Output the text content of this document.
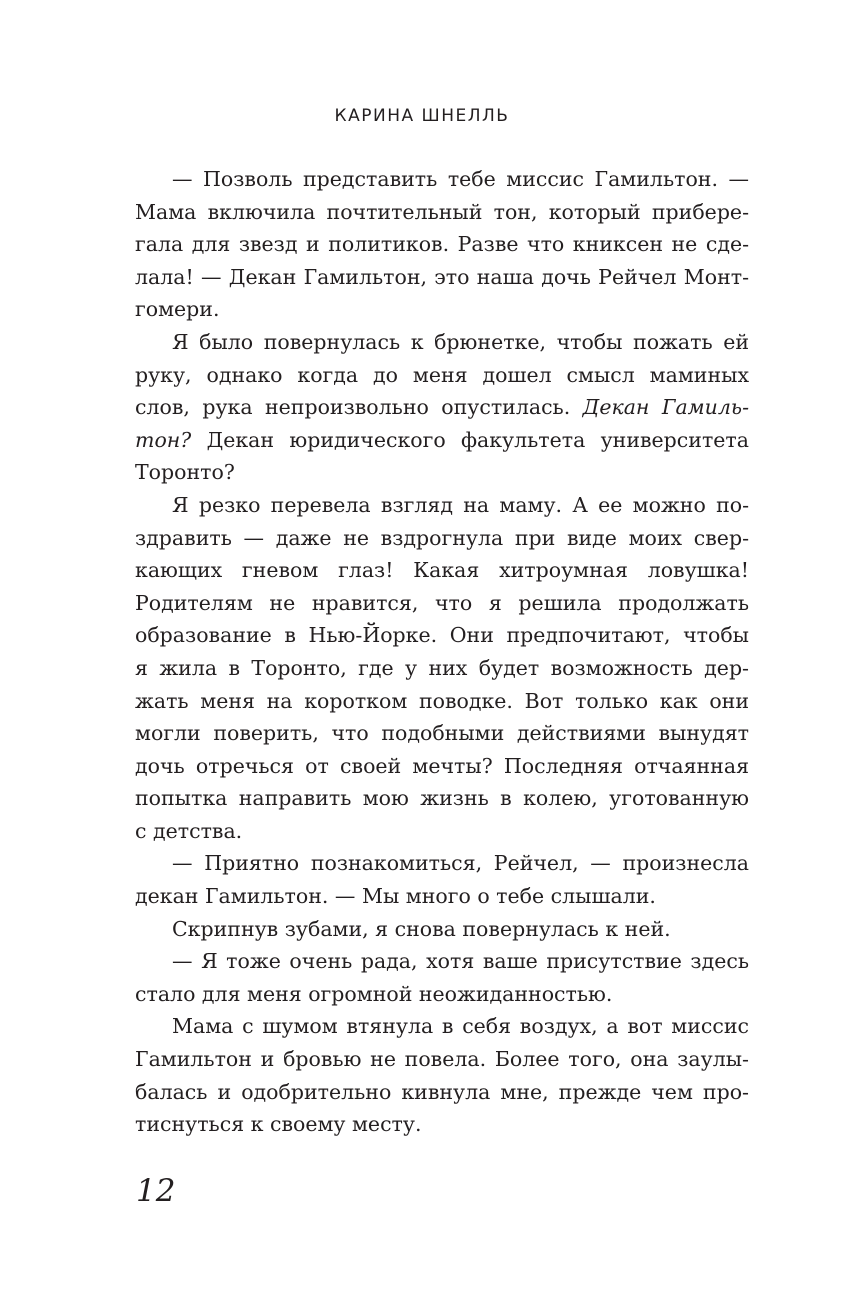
КАРИНА ШНЕЛЛЬ
— Позволь представить тебе миссис Гамильтон. —
Мама включила почтительный тон, который прибере-
гала для звезд и политиков. Разве что книксен не сде-
лала! — Декан Гамильтон, это наша дочь Рейчел Монт-
гомери.
Я было повернулась к брюнетке, чтобы пожать ей
руку, однако когда до меня дошел смысл маминых
слов, рука непроизвольно опустилась. Декан Гамиль-
тон? Декан юридического факультета университета
Торонто?
Я резко перевела взгляд на маму. А ее можно по-
здравить — даже не вздрогнула при виде моих свер-
кающих гневом глаз! Какая хитроумная ловушка!
Родителям не нравится, что я решила продолжать
образование в Нью-Йорке. Они предпочитают, чтобы
я жила в Торонто, где у них будет возможность дер-
жать меня на коротком поводке. Вот только как они
могли поверить, что подобными действиями вынудят
дочь отречься от своей мечты? Последняя отчаянная
попытка направить мою жизнь в колею, уготованную
с детства.
— Приятно познакомиться, Рейчел, — произнесла
декан Гамильтон. — Мы много о тебе слышали.
Скрипнув зубами, я снова повернулась к ней.
— Я тоже очень рада, хотя ваше присутствие здесь
стало для меня огромной неожиданностью.
Мама с шумом втянула в себя воздух, а вот миссис
Гамильтон и бровью не повела. Более того, она заулы-
балась и одобрительно кивнула мне, прежде чем про-
тиснуться к своему месту.
12
